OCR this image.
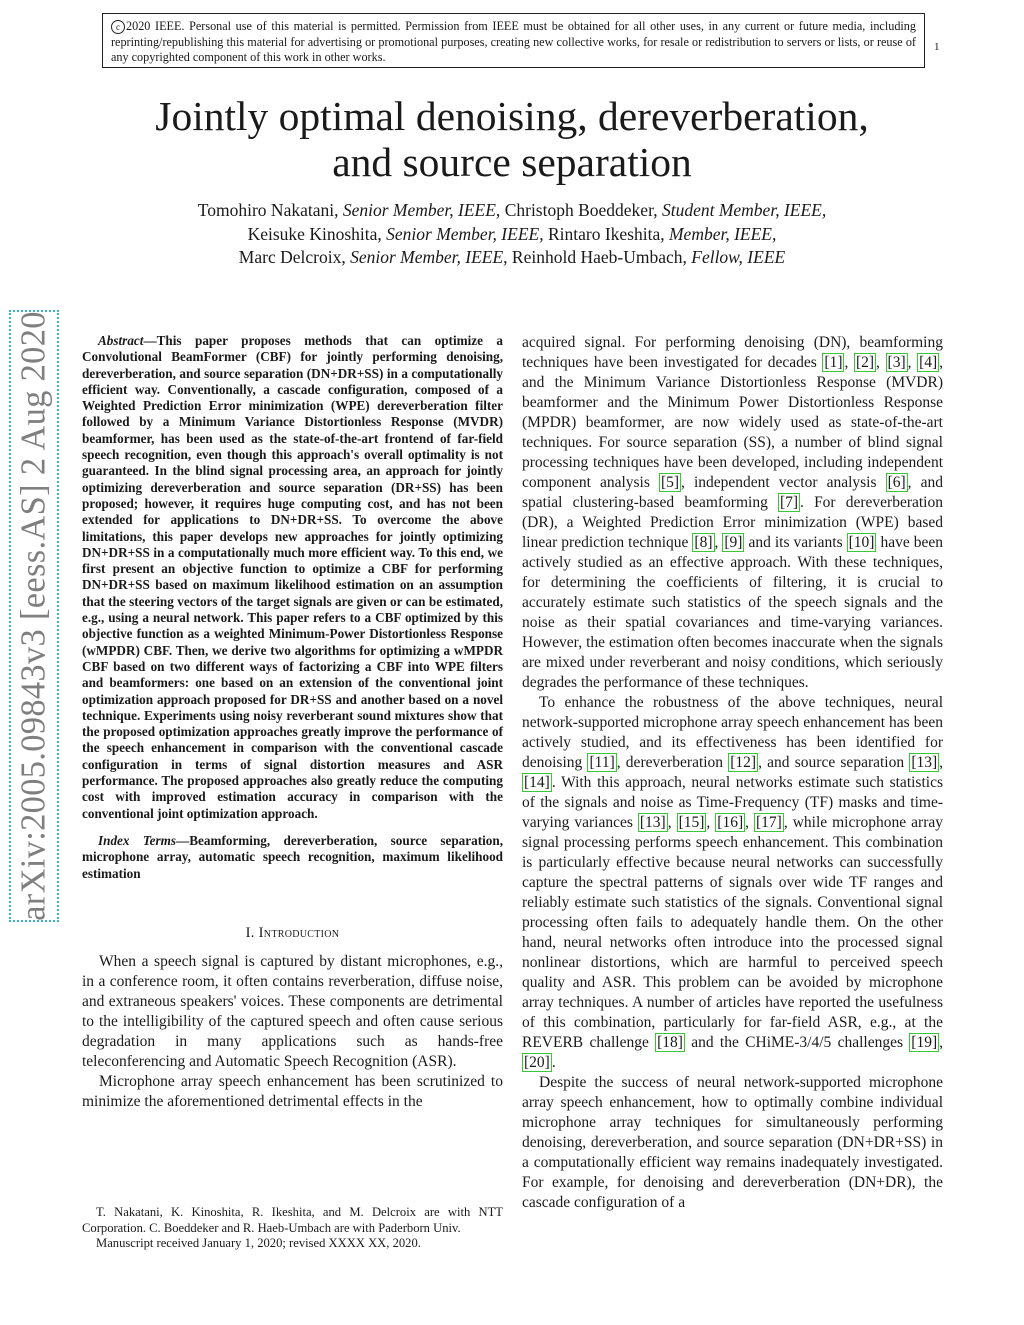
c 2020 IEEE. Personal use of this material is permitted. Permission from IEEE must be obtained for all other uses, in any current or future media, including reprinting/republishing this material for advertising or promotional purposes, creating new collective works, for resale or redistribution to servers or lists, or reuse of any copyrighted component of this work in other works.
1
Jointly optimal denoising, dereverberation,
and source separation
Tomohiro Nakatani, Senior Member, IEEE, Christoph Boeddeker, Student Member, IEEE,
Keisuke Kinoshita, Senior Member, IEEE, Rintaro Ikeshita, Member, IEEE,
Marc Delcroix, Senior Member, IEEE, Reinhold Haeb-Umbach, Fellow, IEEE
arXiv:2005.09843v3 [eess.AS] 2 Aug 2020	Abstract—This paper proposes methods that can optimize a Convolutional BeamFormer (CBF) for jointly performing denoising, dereverberation, and source separation (DN+DR+SS) in a computationally efficient way. Conventionally, a cascade configuration, composed of a Weighted Prediction Error minimization (WPE) dereverberation filter followed by a Minimum Variance Distortionless Response (MVDR) beamformer, has been used as the state-of-the-art frontend of far-field speech recognition, even though this approach's overall optimality is not guaranteed. In the blind signal processing area, an approach for jointly optimizing dereverberation and source separation (DR+SS) has been proposed; however, it requires huge computing cost, and has not been extended for applications to DN+DR+SS. To overcome the above limitations, this paper develops new approaches for jointly optimizing DN+DR+SS in a computationally much more efficient way. To this end, we first present an objective function to optimize a CBF for performing DN+DR+SS based on maximum likelihood estimation on an assumption that the steering vectors of the target signals are given or can be estimated, e.g., using a neural network. This paper refers to a CBF optimized by this objective function as a weighted Minimum-Power Distortionless Response (wMPDR) CBF. Then, we derive two algorithms for optimizing a wMPDR CBF based on two different ways of factorizing a CBF into WPE filters and beamformers: one based on an extension of the conventional joint optimization approach proposed for DR+SS and another based on a novel technique. Experiments using noisy reverberant sound mixtures show that the proposed optimization approaches greatly improve the performance of the speech enhancement in comparison with the conventional cascade configuration in terms of signal distortion measures and ASR performance. The proposed approaches also greatly reduce the computing cost with improved estimation accuracy in comparison with the conventional joint optimization approach.

Index Terms—Beamforming, dereverberation, source separation, microphone array, automatic speech recognition, maximum likelihood estimation

I. Introduction

When a speech signal is captured by distant microphones, e.g., in a conference room, it often contains reverberation, diffuse noise, and extraneous speakers' voices. These components are detrimental to the intelligibility of the captured speech and often cause serious degradation in many applications such as hands-free teleconferencing and Automatic Speech Recognition (ASR).

Microphone array speech enhancement has been scrutinized to minimize the aforementioned detrimental effects in the

T. Nakatani, K. Kinoshita, R. Ikeshita, and M. Delcroix are with NTT Corporation. C. Boeddeker and R. Haeb-Umbach are with Paderborn Univ.
Manuscript received January 1, 2020; revised XXXX XX, 2020.

acquired signal. For performing denoising (DN), beamforming techniques have been investigated for decades [1] , [2] , [3] , [4] , and the Minimum Variance Distortionless Response (MVDR) beamformer and the Minimum Power Distortionless Response (MPDR) beamformer, are now widely used as state-of-the-art techniques. For source separation (SS), a number of blind signal processing techniques have been developed, including independent component analysis [5] , independent vector analysis [6] , and spatial clustering-based beamforming [7] . For dereverberation (DR), a Weighted Prediction Error minimization (WPE) based linear prediction technique [8] , [9] and its variants [10] have been actively studied as an effective approach. With these techniques, for determining the coefficients of filtering, it is crucial to accurately estimate such statistics of the speech signals and the noise as their spatial covariances and time-varying variances. However, the estimation often becomes inaccurate when the signals are mixed under reverberant and noisy conditions, which seriously degrades the performance of these techniques.

To enhance the robustness of the above techniques, neural network-supported microphone array speech enhancement has been actively studied, and its effectiveness has been identified for denoising [11] , dereverberation [12] , and source separation [13] , [14] . With this approach, neural networks estimate such statistics of the signals and noise as Time-Frequency (TF) masks and time-varying variances [13] , [15] , [16] , [17] , while microphone array signal processing performs speech enhancement. This combination is particularly effective because neural networks can successfully capture the spectral patterns of signals over wide TF ranges and reliably estimate such statistics of the signals. Conventional signal processing often fails to adequately handle them. On the other hand, neural networks often introduce into the processed signal nonlinear distortions, which are harmful to perceived speech quality and ASR. This problem can be avoided by microphone array techniques. A number of articles have reported the usefulness of this combination, particularly for far-field ASR, e.g., at the REVERB challenge [18] and the CHiME-3/4/5 challenges [19] , [20] .

Despite the success of neural network-supported microphone array speech enhancement, how to optimally combine individual microphone array techniques for simultaneously performing denoising, dereverberation, and source separation (DN+DR+SS) in a computationally efficient way remains inadequately investigated. For example, for denoising and dereverberation (DN+DR), the cascade configuration of a
